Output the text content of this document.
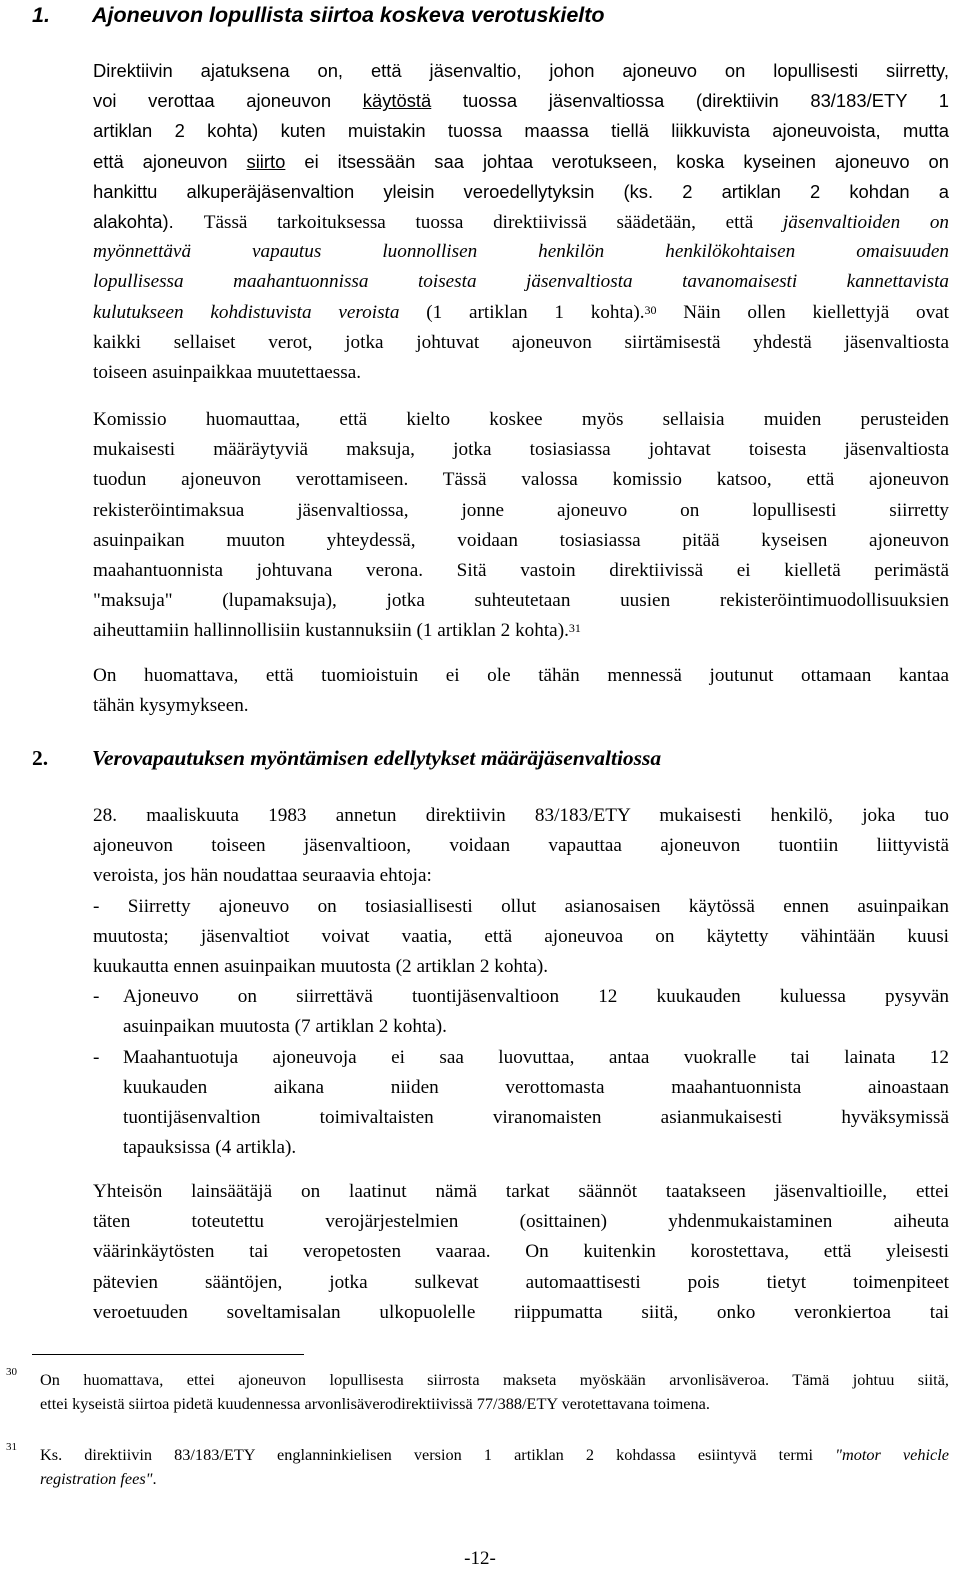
1. Ajoneuvon lopullista siirtoa koskeva verotuskielto
Direktiivin ajatuksena on, että jäsenvaltio, johon ajoneuvo on lopullisesti siirretty,
voi verottaa ajoneuvon käytöstä tuossa jäsenvaltiossa (direktiivin 83/183/ETY 1
artiklan 2 kohta) kuten muistakin tuossa maassa tiellä liikkuvista ajoneuvoista, mutta
että ajoneuvon siirto ei itsessään saa johtaa verotukseen, koska kyseinen ajoneuvo on
hankittu alkuperäjäsenvaltion yleisin veroedellytyksin (ks. 2 artiklan 2 kohdan a
alakohta). Tässä tarkoituksessa tuossa direktiivissä säädetään, että jäsenvaltioiden on
myönnettävä vapautus luonnollisen henkilön henkilökohtaisen omaisuuden
lopullisessa maahantuonnissa toisesta jäsenvaltiosta tavanomaisesti kannettavista
kulutukseen kohdistuvista veroista (1 artiklan 1 kohta).$^{30}$ Näin ollen kiellettyjä ovat
kaikki sellaiset verot, jotka johtuvat ajoneuvon siirtämisestä yhdestä jäsenvaltiosta
toiseen asuinpaikkaa muutettaessa.
Komissio huomauttaa, että kielto koskee myös sellaisia muiden perusteiden
mukaisesti määräytyviä maksuja, jotka tosiasiassa johtavat toisesta jäsenvaltiosta
tuodun ajoneuvon verottamiseen. Tässä valossa komissio katsoo, että ajoneuvon
rekisteröintimaksua jäsenvaltiossa, jonne ajoneuvo on lopullisesti siirretty
asuinpaikan muuton yhteydessä, voidaan tosiasiassa pitää kyseisen ajoneuvon
maahantuonnista johtuvana verona. Sitä vastoin direktiivissä ei kielletä perimästä
"maksuja" (lupamaksuja), jotka suhteutetaan uusien rekisteröintimuodollisuuksien
aiheuttamiin hallinnollisiin kustannuksiin (1 artiklan 2 kohta).$^{31}$
On huomattava, että tuomioistuin ei ole tähän mennessä joutunut ottamaan kantaa
tähän kysymykseen.
2. Verovapautuksen myöntämisen edellytykset määräjäsenvaltiossa
28. maaliskuuta 1983 annetun direktiivin 83/183/ETY mukaisesti henkilö, joka tuo
ajoneuvon toiseen jäsenvaltioon, voidaan vapauttaa ajoneuvon tuontiin liittyvistä
veroista, jos hän noudattaa seuraavia ehtoja:
- Siirretty ajoneuvo on tosiasiallisesti ollut asianosaisen käytössä ennen asuinpaikan
muutosta; jäsenvaltiot voivat vaatia, että ajoneuvoa on käytetty vähintään kuusi
kuukautta ennen asuinpaikan muutosta (2 artiklan 2 kohta).
-	Ajoneuvo on siirrettävä tuontijäsenvaltioon 12 kuukauden kuluessa pysyvän
asuinpaikan muutosta (7 artiklan 2 kohta).
-	Maahantuotuja ajoneuvoja ei saa luovuttaa, antaa vuokralle tai lainata 12
kuukauden aikana niiden verottomasta maahantuonnista ainoastaan
tuontijäsenvaltion toimivaltaisten viranomaisten asianmukaisesti hyväksymissä
tapauksissa (4 artikla).
Yhteisön lainsäätäjä on laatinut nämä tarkat säännöt taatakseen jäsenvaltioille, ettei
täten toteutettu verojärjestelmien (osittainen) yhdenmukaistaminen aiheuta
väärinkäytösten tai veropetosten vaaraa. On kuitenkin korostettava, että yleisesti
pätevien sääntöjen, jotka sulkevat automaattisesti pois tietyt toimenpiteet
veroetuuden soveltamisalan ulkopuolelle riippumatta siitä, onko veronkiertoa tai
30 On huomattava, ettei ajoneuvon lopullisesta siirrosta makseta myöskään arvonlisäveroa. Tämä johtuu siitä,
ettei kyseistä siirtoa pidetä kuudennessa arvonlisäverodirektiivissä 77/388/ETY verotettavana toimena.
31 Ks. direktiivin 83/183/ETY englanninkielisen version 1 artiklan 2 kohdassa esiintyvä termi "motor vehicle
registration fees".
-12-
